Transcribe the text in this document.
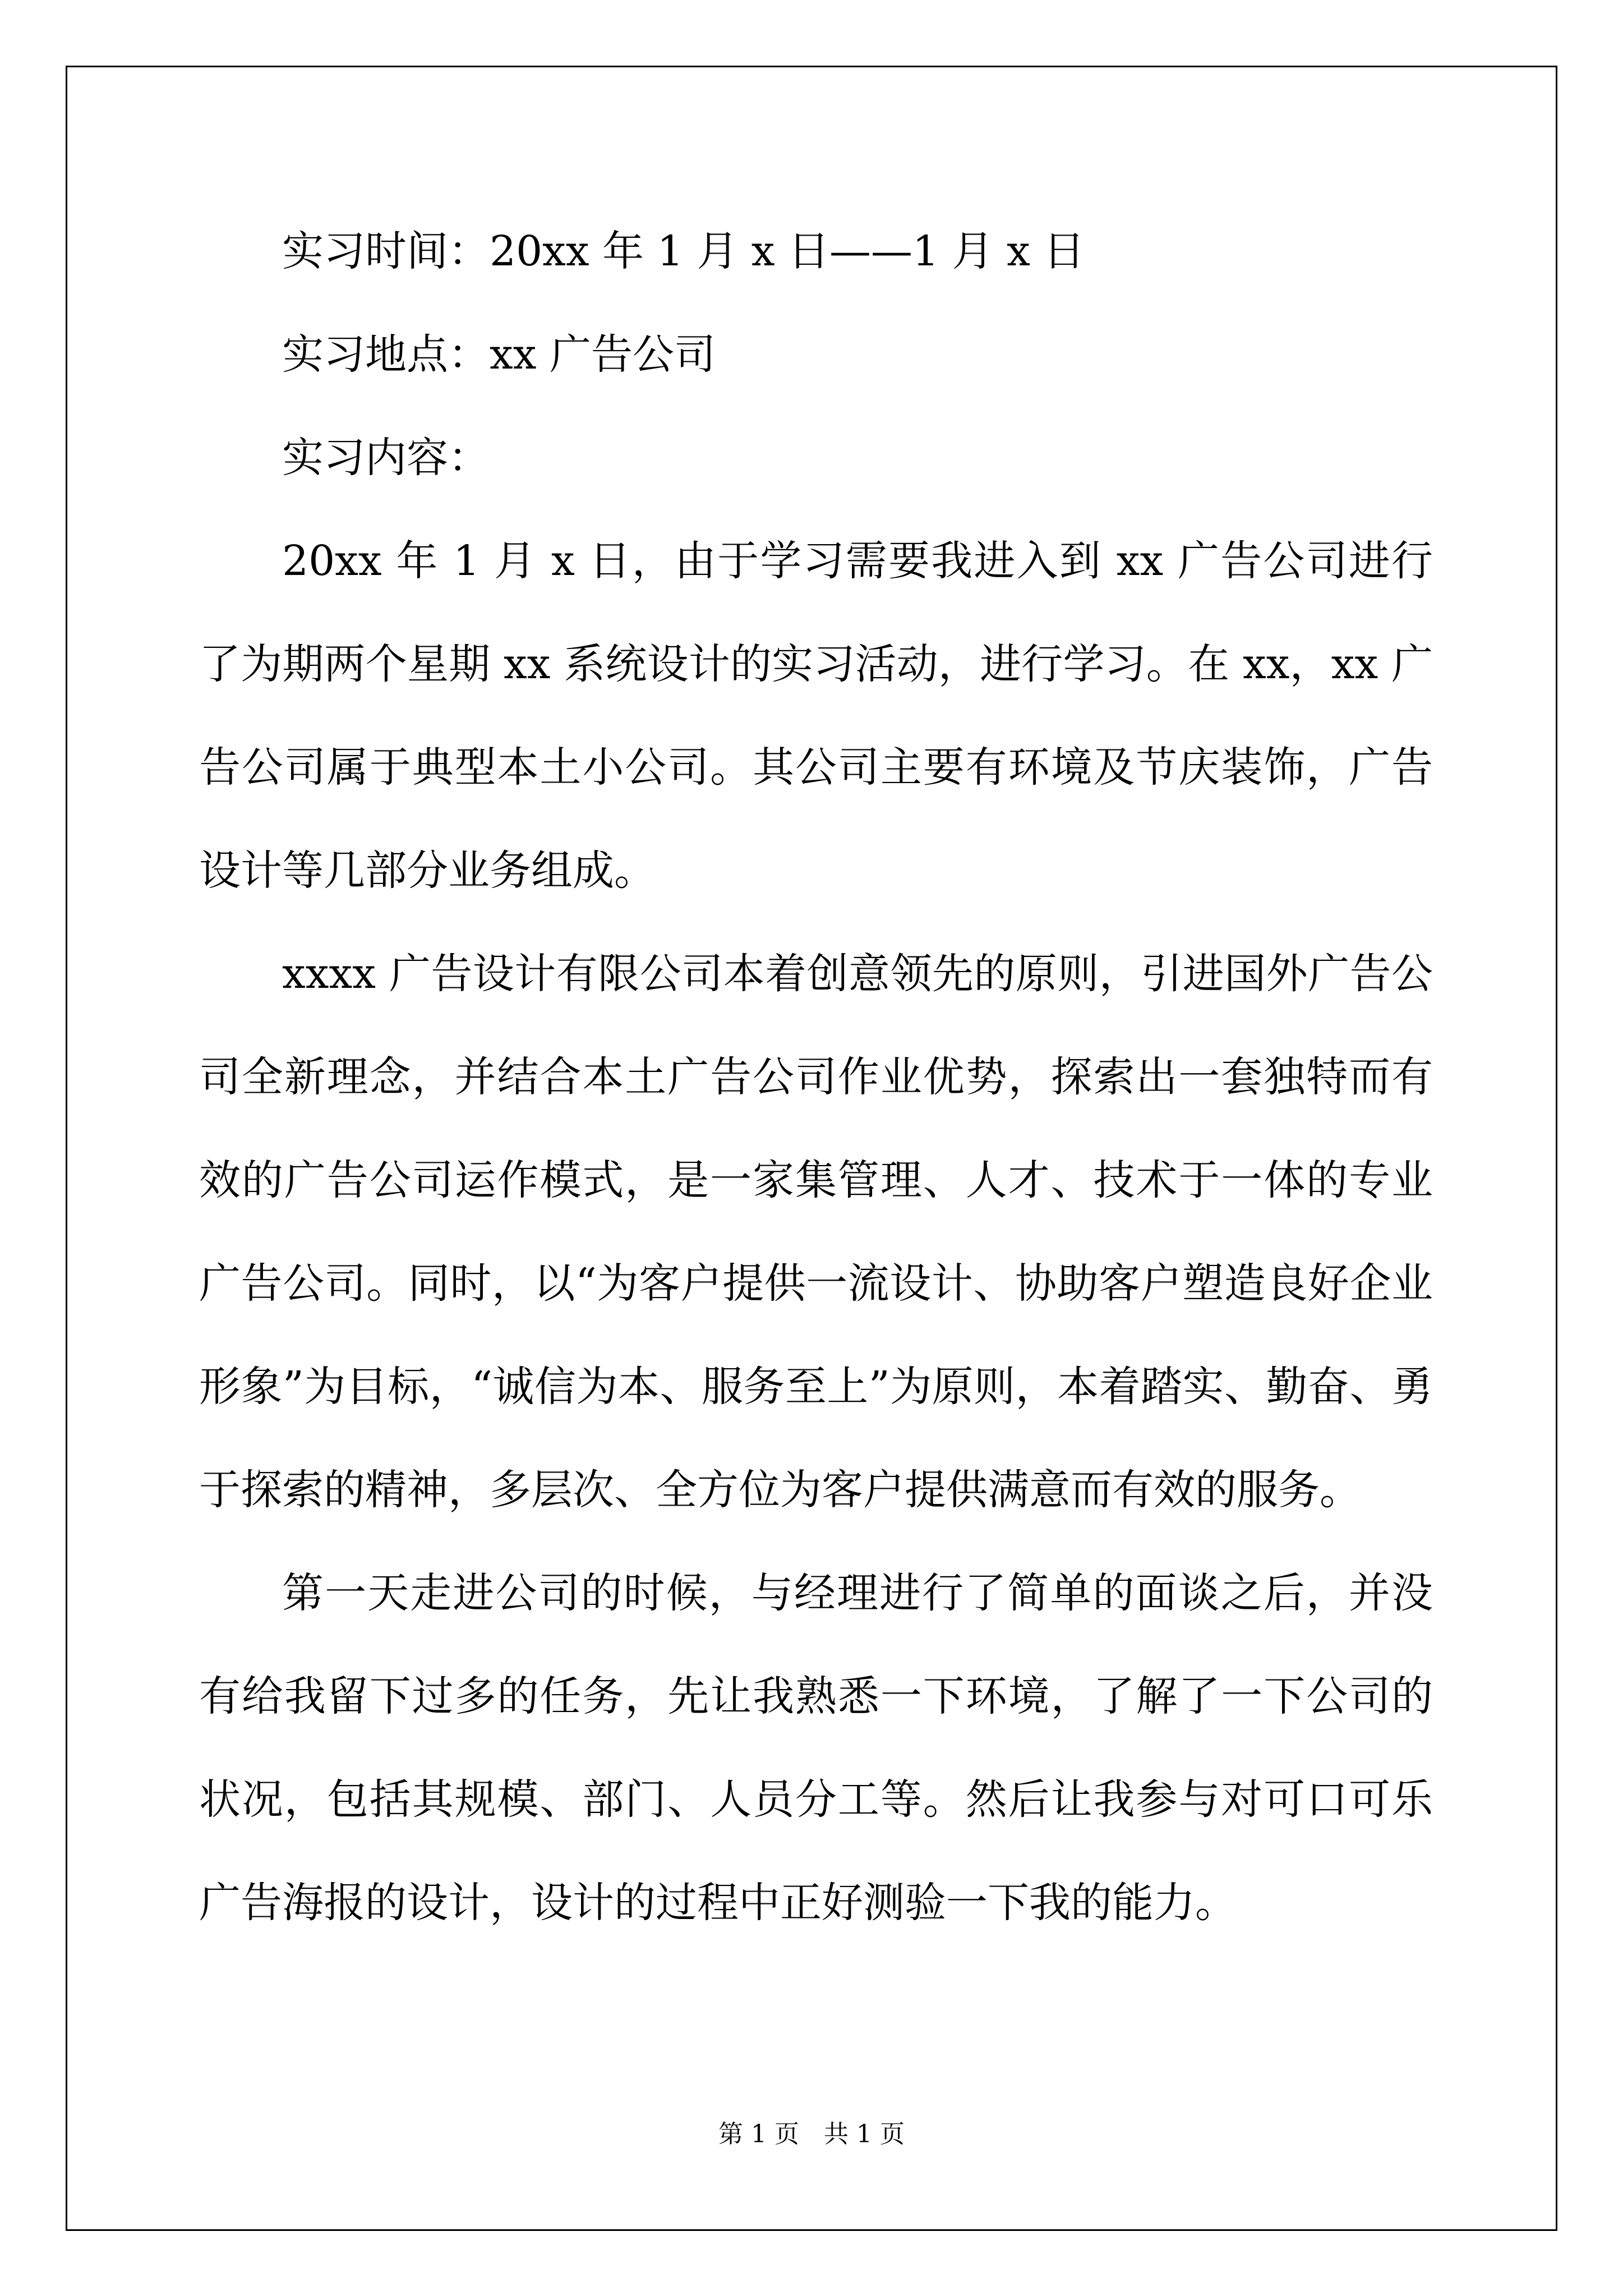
实习时间：20xx 年 1 月 x 日——1 月 x 日

实习地点：xx 广告公司

实习内容：

20xx 年 1 月 x 日，由于学习需要我进入到 xx 广告公司进行了为期两个星期 xx 系统设计的实习活动，进行学习。在 xx，xx 广告公司属于典型本土小公司。其公司主要有环境及节庆装饰，广告设计等几部分业务组成。

xxxx 广告设计有限公司本着创意领先的原则，引进国外广告公司全新理念，并结合本土广告公司作业优势，探索出一套独特而有效的广告公司运作模式，是一家集管理、人才、技术于一体的专业广告公司。同时，以“为客户提供一流设计、协助客户塑造良好企业形象”为目标，“诚信为本、服务至上”为原则，本着踏实、勤奋、勇于探索的精神，多层次、全方位为客户提供满意而有效的服务。

第一天走进公司的时候，与经理进行了简单的面谈之后，并没有给我留下过多的任务，先让我熟悉一下环境，了解了一下公司的状况，包括其规模、部门、人员分工等。然后让我参与对可口可乐广告海报的设计，设计的过程中正好测验一下我的能力。

第 1 页 共 1 页
